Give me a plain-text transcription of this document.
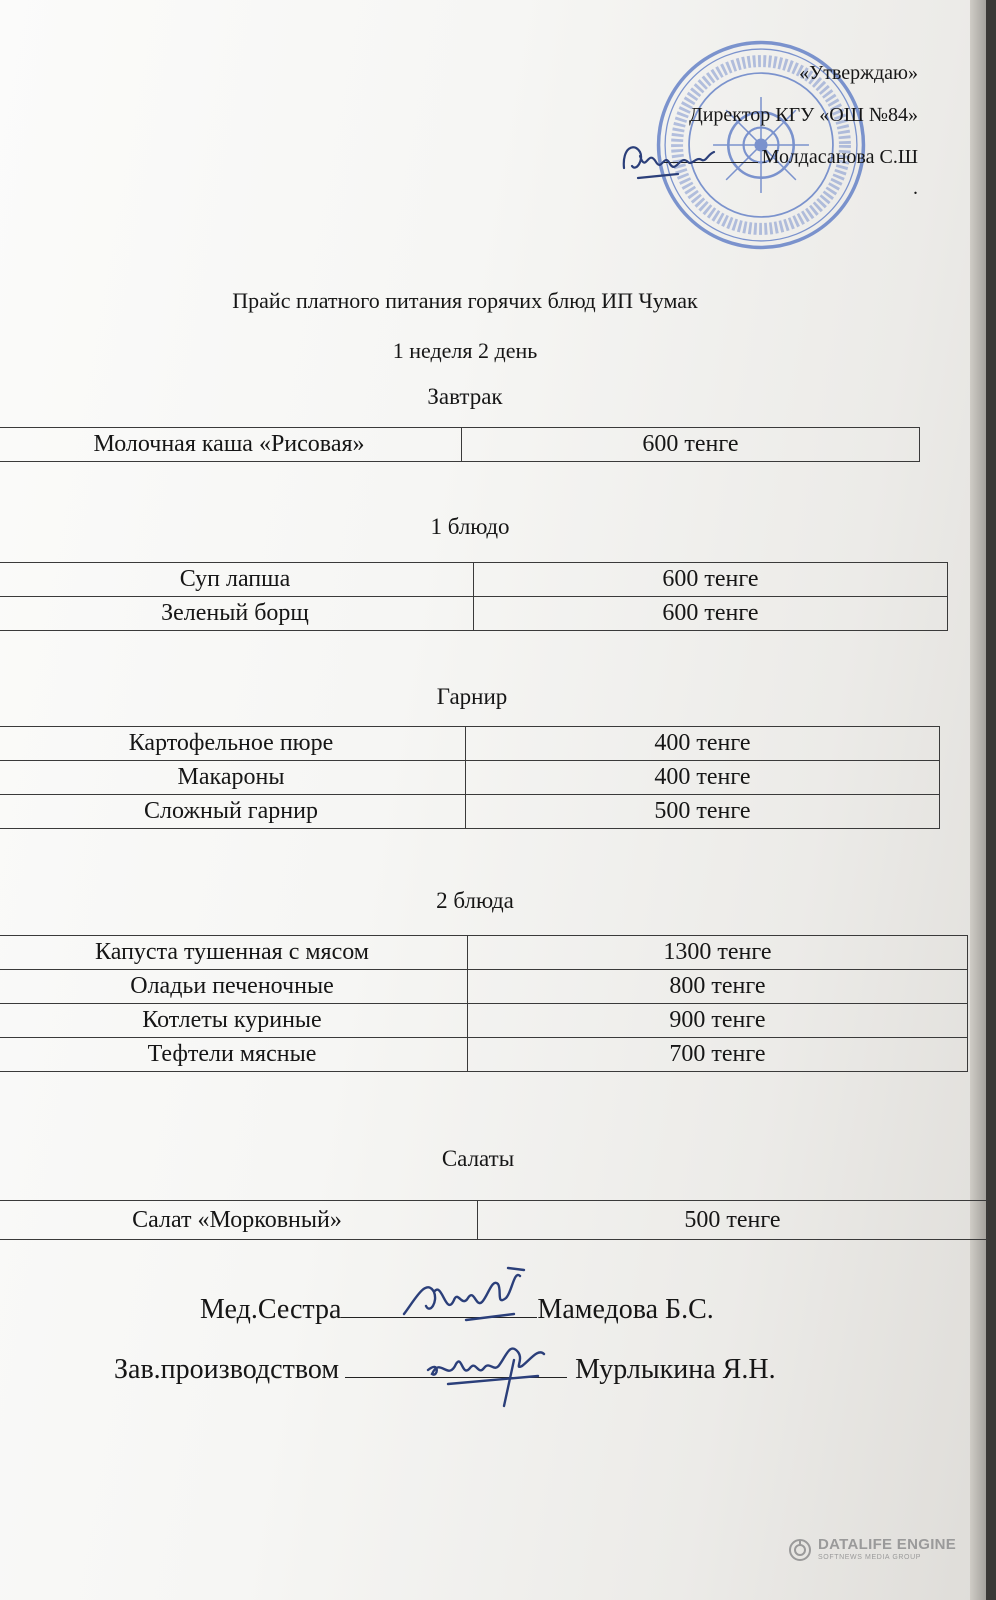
«Утверждаю»
Директор КГУ «ОШ №84»
Молдасанова С.Ш
.
Прайс платного питания горячих блюд ИП Чумак
1 неделя 2 день
Завтрак
Молочная каша «Рисовая»	600 тенге
1 блюдо
Суп лапша	600 тенге
Зеленый борщ	600 тенге
Гарнир
Картофельное пюре	400 тенге
Макароны	400 тенге
Сложный гарнир	500 тенге
2 блюда
Капуста тушенная с мясом	1300 тенге
Оладьи печеночные	800 тенге
Котлеты куриные	900 тенге
Тефтели мясные	700 тенге
Салаты
Салат «Морковный»	500 тенге
Мед.Сестра	Мамедова Б.С.
Зав.производством	Мурлыкина Я.Н.
DATALIFE ENGINE
SOFTNEWS MEDIA GROUP
